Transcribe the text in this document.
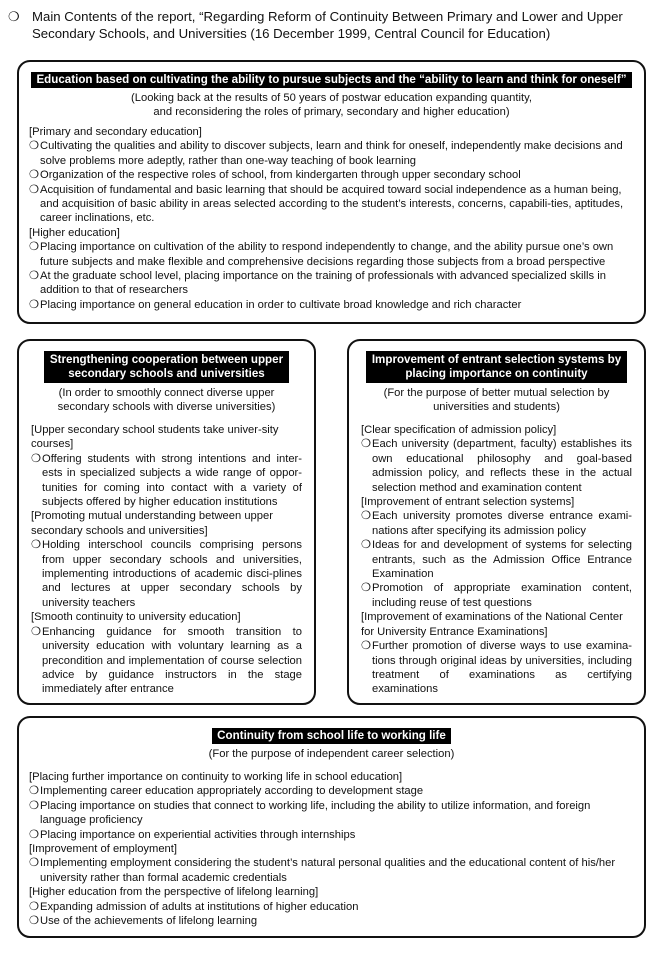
❍ Main Contents of the report, “Regarding Reform of Continuity Between Primary and Lower and Upper Secondary Schools, and Universities (16 December 1999, Central Council for Education)
Education based on cultivating the ability to pursue subjects and the “ability to learn and think for oneself”
(Looking back at the results of 50 years of postwar education expanding quantity,
and reconsidering the roles of primary, secondary and higher education)
[Primary and secondary education]
❍ Cultivating the qualities and ability to discover subjects, learn and think for oneself, independently make decisions and solve problems more adeptly, rather than one-way teaching of book learning
❍ Organization of the respective roles of school, from kindergarten through upper secondary school
❍ Acquisition of fundamental and basic learning that should be acquired toward social independence as a human being, and acquisition of basic ability in areas selected according to the student’s interests, concerns, capabili-ties, aptitudes, career inclinations, etc.
[Higher education]
❍ Placing importance on cultivation of the ability to respond independently to change, and the ability pursue one’s own future subjects and make flexible and comprehensive decisions regarding those subjects from a broad perspective
❍ At the graduate school level, placing importance on the training of professionals with advanced specialized skills in addition to that of researchers
❍ Placing importance on general education in order to cultivate broad knowledge and rich character
Strengthening cooperation between upper
secondary schools and universities
(In order to smoothly connect diverse upper
secondary schools with diverse universities)
[Upper secondary school students take univer-sity courses]
❍ Offering students with strong intentions and inter-ests in specialized subjects a wide range of oppor-tunities for coming into contact with a variety of subjects offered by higher education institutions
[Promoting mutual understanding between upper secondary schools and universities]
❍ Holding interschool councils comprising persons from upper secondary schools and universities, implementing introductions of academic disci-plines and lectures at upper secondary schools by university teachers
[Smooth continuity to university education]
❍ Enhancing guidance for smooth transition to university education with voluntary learning as a precondition and implementation of course selection advice by guidance instructors in the stage immediately after entrance
Improvement of entrant selection systems by
placing importance on continuity
(For the purpose of better mutual selection by
universities and students)
[Clear specification of admission policy]
❍ Each university (department, faculty) establishes its own educational philosophy and goal-based admission policy, and reflects these in the actual selection method and examination content
[Improvement of entrant selection systems]
❍ Each university promotes diverse entrance exami-nations after specifying its admission policy
❍ Ideas for and development of systems for selecting entrants, such as the Admission Office Entrance Examination
❍ Promotion of appropriate examination content, including reuse of test questions
[Improvement of examinations of the National Center for University Entrance Examinations]
❍ Further promotion of diverse ways to use examina-tions through original ideas by universities, including treatment of examinations as certifying examinations
Continuity from school life to working life
(For the purpose of independent career selection)
[Placing further importance on continuity to working life in school education]
❍ Implementing career education appropriately according to development stage
❍ Placing importance on studies that connect to working life, including the ability to utilize information, and foreign language proficiency
❍ Placing importance on experiential activities through internships
[Improvement of employment]
❍ Implementing employment considering the student’s natural personal qualities and the educational content of his/her university rather than formal academic credentials
[Higher education from the perspective of lifelong learning]
❍ Expanding admission of adults at institutions of higher education
❍ Use of the achievements of lifelong learning
